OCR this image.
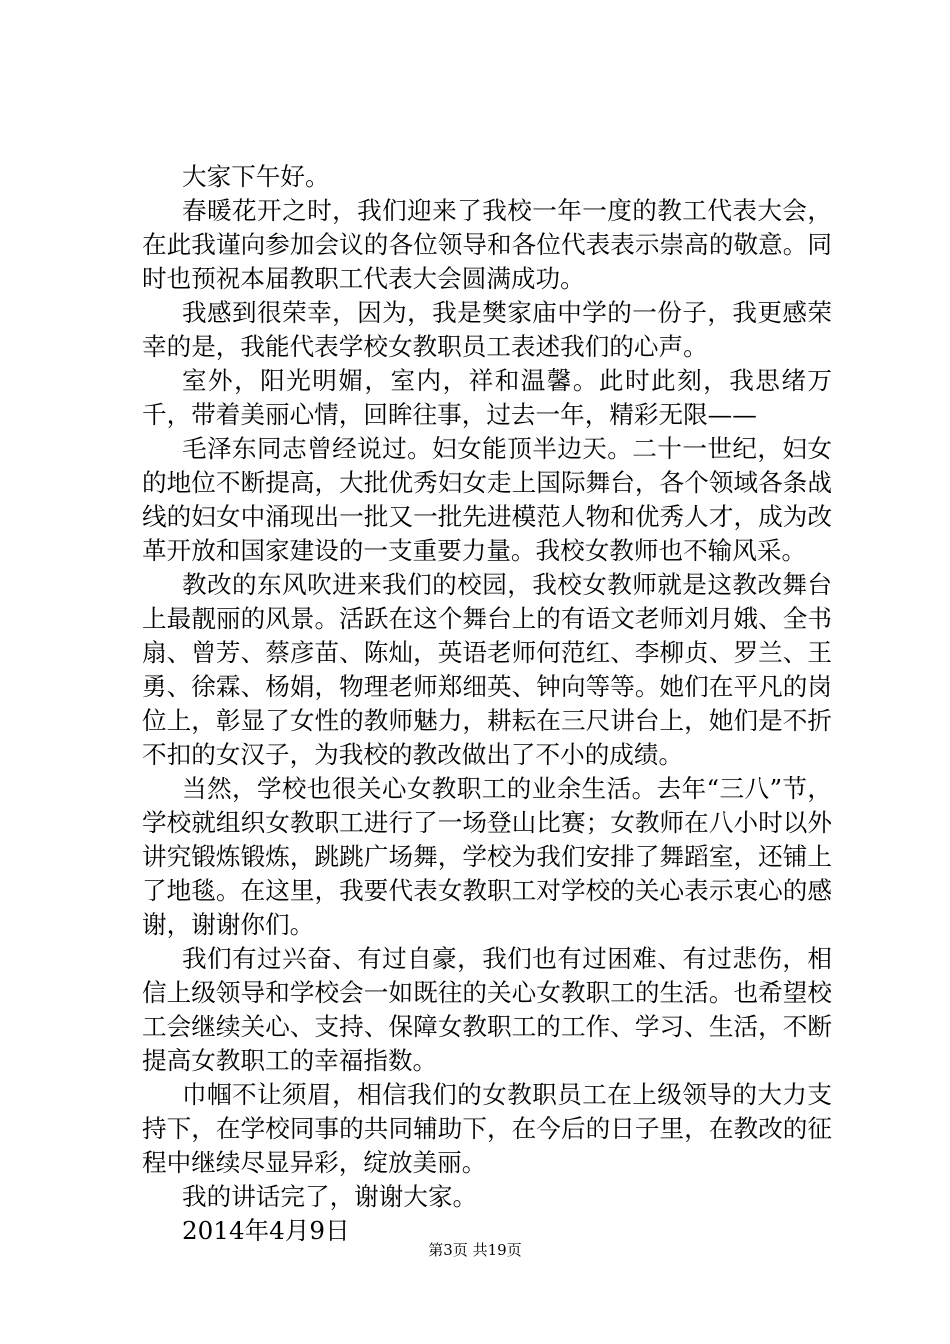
大家下午好。

春暖花开之时，我们迎来了我校一年一度的教工代表大会，在此我谨向参加会议的各位领导和各位代表表示崇高的敬意。同时也预祝本届教职工代表大会圆满成功。

我感到很荣幸，因为，我是樊家庙中学的一份子，我更感荣幸的是，我能代表学校女教职员工表述我们的心声。

室外，阳光明媚，室内，祥和温馨。此时此刻，我思绪万千，带着美丽心情，回眸往事，过去一年，精彩无限——

毛泽东同志曾经说过。妇女能顶半边天。二十一世纪，妇女的地位不断提高，大批优秀妇女走上国际舞台，各个领域各条战线的妇女中涌现出一批又一批先进模范人物和优秀人才，成为改革开放和国家建设的一支重要力量。我校女教师也不输风采。

教改的东风吹进来我们的校园，我校女教师就是这教改舞台上最靓丽的风景。活跃在这个舞台上的有语文老师刘月娥、全书扇、曾芳、蔡彦苗、陈灿，英语老师何范红、李柳贞、罗兰、王勇、徐霖、杨娟，物理老师郑细英、钟向等等。她们在平凡的岗位上，彰显了女性的教师魅力，耕耘在三尺讲台上，她们是不折不扣的女汉子，为我校的教改做出了不小的成绩。

当然，学校也很关心女教职工的业余生活。去年“三八”节，学校就组织女教职工进行了一场登山比赛；女教师在八小时以外讲究锻炼锻炼，跳跳广场舞，学校为我们安排了舞蹈室，还铺上了地毯。在这里，我要代表女教职工对学校的关心表示衷心的感谢，谢谢你们。

我们有过兴奋、有过自豪，我们也有过困难、有过悲伤，相信上级领导和学校会一如既往的关心女教职工的生活。也希望校工会继续关心、支持、保障女教职工的工作、学习、生活，不断提高女教职工的幸福指数。

巾帼不让须眉，相信我们的女教职员工在上级领导的大力支持下，在学校同事的共同辅助下，在今后的日子里，在教改的征程中继续尽显异彩，绽放美丽。

我的讲话完了，谢谢大家。

2014年4月9日

第3页 共19页
